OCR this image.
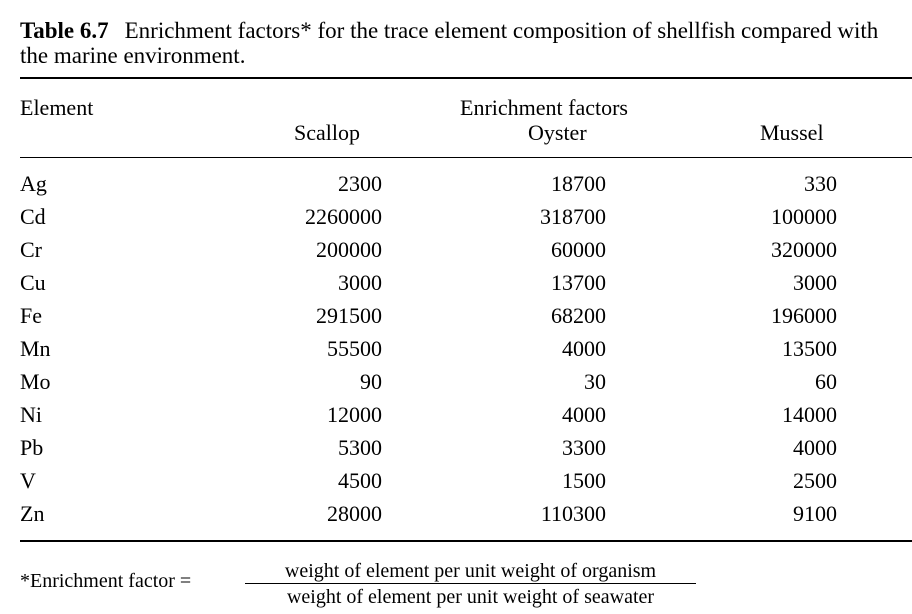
Table 6.7 Enrichment factors* for the trace element composition of shellfish compared with the marine environment.
Element	Enrichment factors
Scallop	Oyster	Mussel
Ag	2300	18700	330
Cd	2260000	318700	100000
Cr	200000	60000	320000
Cu	3000	13700	3000
Fe	291500	68200	196000
Mn	55500	4000	13500
Mo	90	30	60
Ni	12000	4000	14000
Pb	5300	3300	4000
V	4500	1500	2500
Zn	28000	110300	9100
*Enrichment factor =	weight of element per unit weight of organism
weight of element per unit weight of seawater
